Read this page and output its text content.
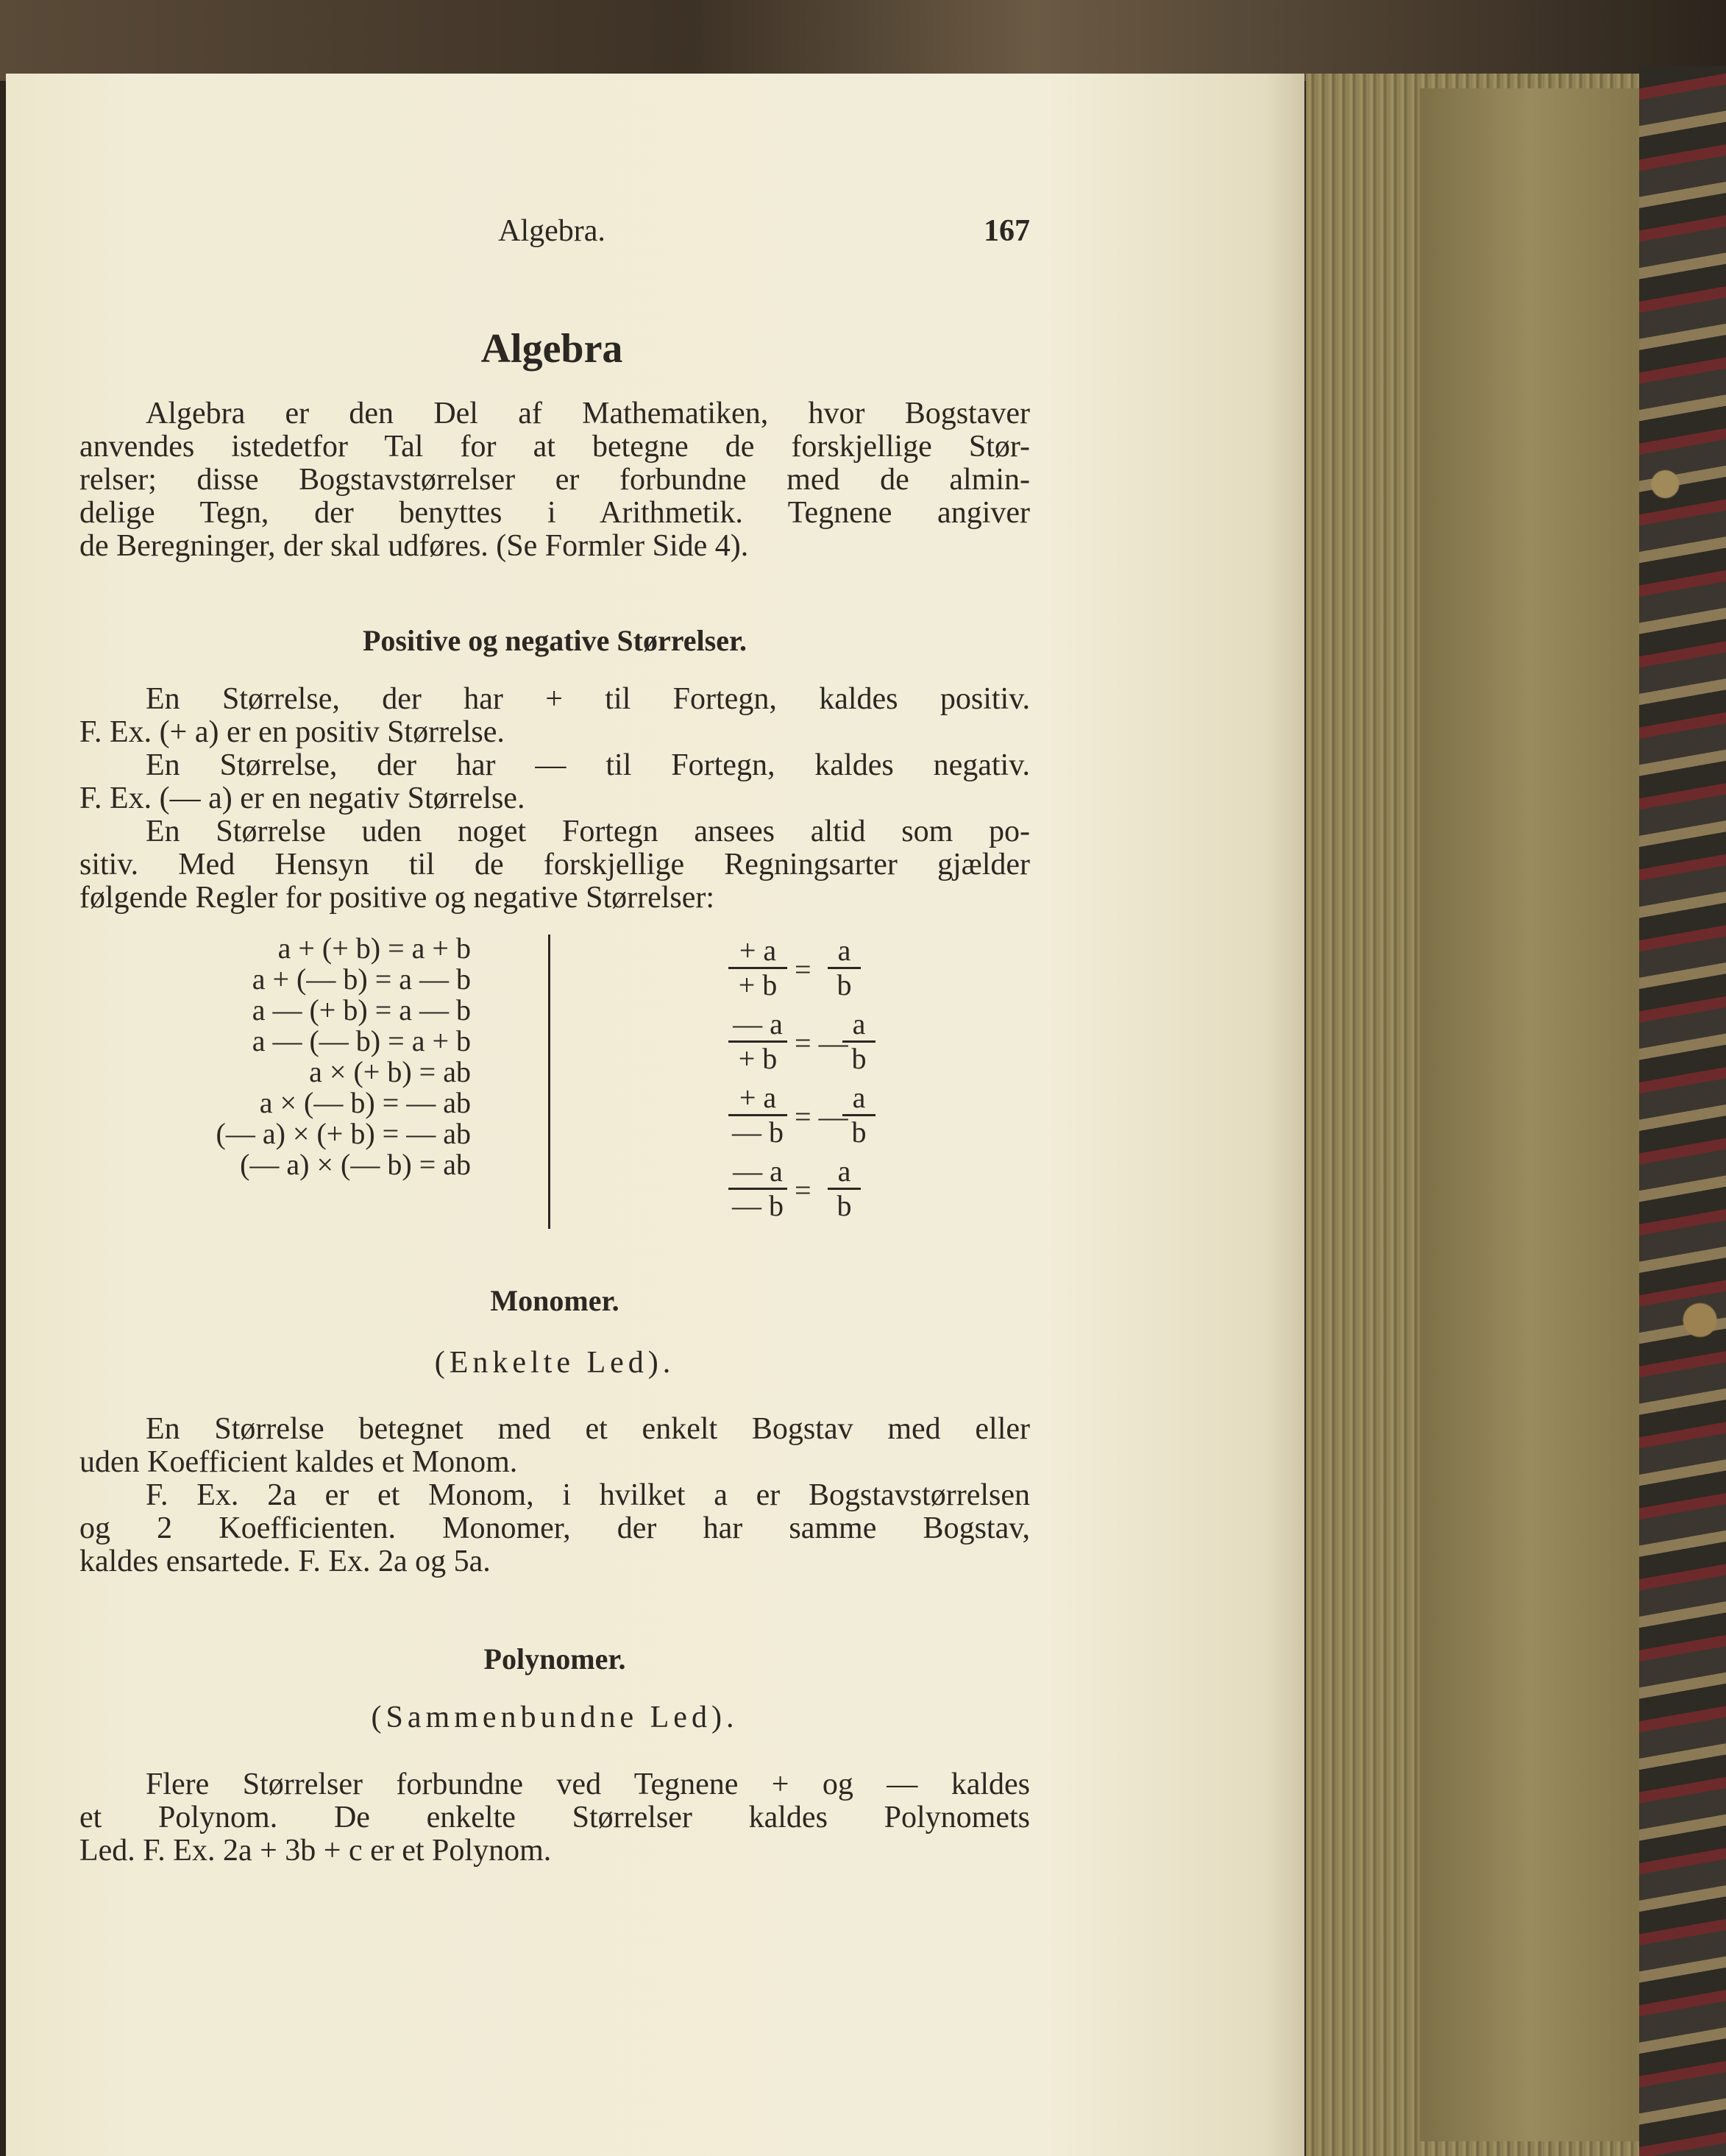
Algebra.	167
Algebra
Algebra er den Del af Mathematiken, hvor Bogstaver
anvendes istedetfor Tal for at betegne de forskjellige Stør-
relser; disse Bogstavstørrelser er forbundne med de almin-
delige Tegn, der benyttes i Arithmetik. Tegnene angiver
de Beregninger, der skal udføres. (Se Formler Side 4).
Positive og negative Størrelser.
En Størrelse, der har + til Fortegn, kaldes positiv.
F. Ex. (+ a) er en positiv Størrelse.
En Størrelse, der har — til Fortegn, kaldes negativ.
F. Ex. (— a) er en negativ Størrelse.
En Størrelse uden noget Fortegn ansees altid som po-
sitiv. Med Hensyn til de forskjellige Regningsarter gjælder
følgende Regler for positive og negative Størrelser:
a + (+ b) = a + b
a + (— b) = a — b
a — (+ b) = a — b
a — (— b) = a + b
a × (+ b) = ab
a × (— b) = — ab
(— a) × (+ b) = — ab
(— a) × (— b) = ab
+ a
+ b =
a
b
— a
+ b = —
a
b
+ a
— b = —
a
b
— a
— b =
a
b
Monomer.
(Enkelte Led).
En Størrelse betegnet med et enkelt Bogstav med eller
uden Koefficient kaldes et Monom.
F. Ex. 2a er et Monom, i hvilket a er Bogstavstørrelsen
og 2 Koefficienten. Monomer, der har samme Bogstav,
kaldes ensartede. F. Ex. 2a og 5a.
Polynomer.
(Sammenbundne Led).
Flere Størrelser forbundne ved Tegnene + og — kaldes
et Polynom. De enkelte Størrelser kaldes Polynomets
Led. F. Ex. 2a + 3b + c er et Polynom.
